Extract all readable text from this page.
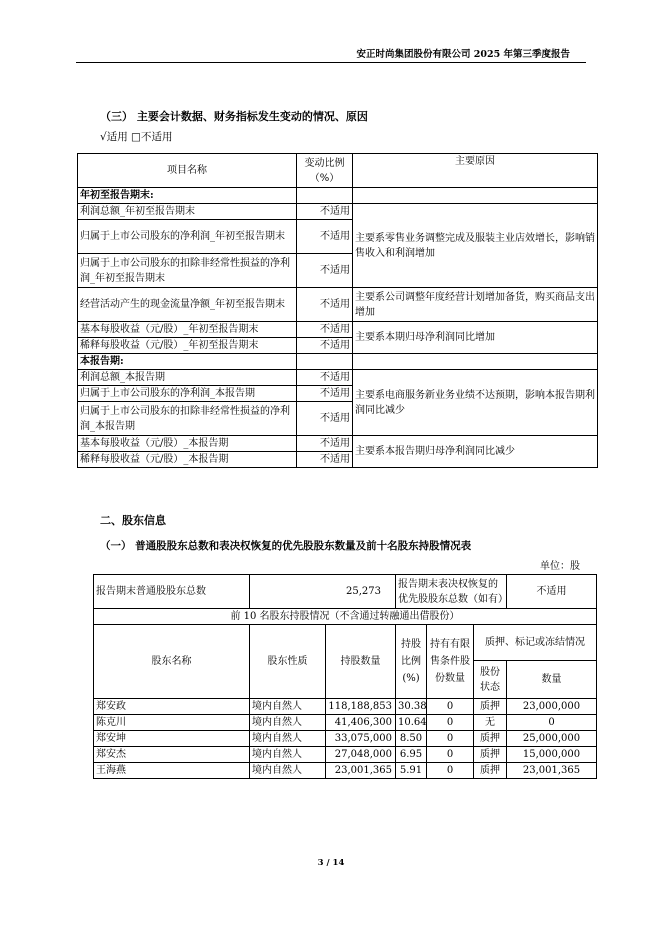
安正时尚集团股份有限公司 2025 年第三季度报告
（三） 主要会计数据、财务指标发生变动的情况、原因
√适用 □不适用
项目名称	变动比例（%）	主要原因
年初至报告期末:		
利润总额_年初至报告期末	不适用	主要系零售业务调整完成及服装主业店效增长，影响销售收入和利润增加
归属于上市公司股东的净利润_年初至报告期末	不适用	
归属于上市公司股东的扣除非经常性损益的净利润_年初至报告期末	不适用	
经营活动产生的现金流量净额_年初至报告期末	不适用	主要系公司调整年度经营计划增加备货，购买商品支出增加
基本每股收益（元/股）_年初至报告期末	不适用	主要系本期归母净利润同比增加
稀释每股收益（元/股）_年初至报告期末	不适用	
本报告期:		
利润总额_本报告期	不适用	主要系电商服务新业务业绩不达预期，影响本报告期利润同比减少
归属于上市公司股东的净利润_本报告期	不适用	
归属于上市公司股东的扣除非经常性损益的净利润_本报告期	不适用	
基本每股收益（元/股）_本报告期	不适用	主要系本报告期归母净利润同比减少
稀释每股收益（元/股）_本报告期	不适用	
二、股东信息
（一） 普通股股东总数和表决权恢复的优先股股东数量及前十名股东持股情况表
单位：股
报告期末普通股股东总数	25,273		报告期末表决权恢复的优先股股东总数（如有）			不适用
前 10 名股东持股情况（不含通过转融通出借股份）						
股东名称	股东性质	持股数量	持股比例(%)	持有有限售条件股份数量	质押、标记或冻结情况	
					股份状态	数量
郑安政	境内自然人	118,188,853	30.38	0	质押	23,000,000
陈克川	境内自然人	41,406,300	10.64	0	无	0
郑安坤	境内自然人	33,075,000	8.50	0	质押	25,000,000
郑安杰	境内自然人	27,048,000	6.95	0	质押	15,000,000
王海燕	境内自然人	23,001,365	5.91	0	质押	23,001,365
3 / 14
